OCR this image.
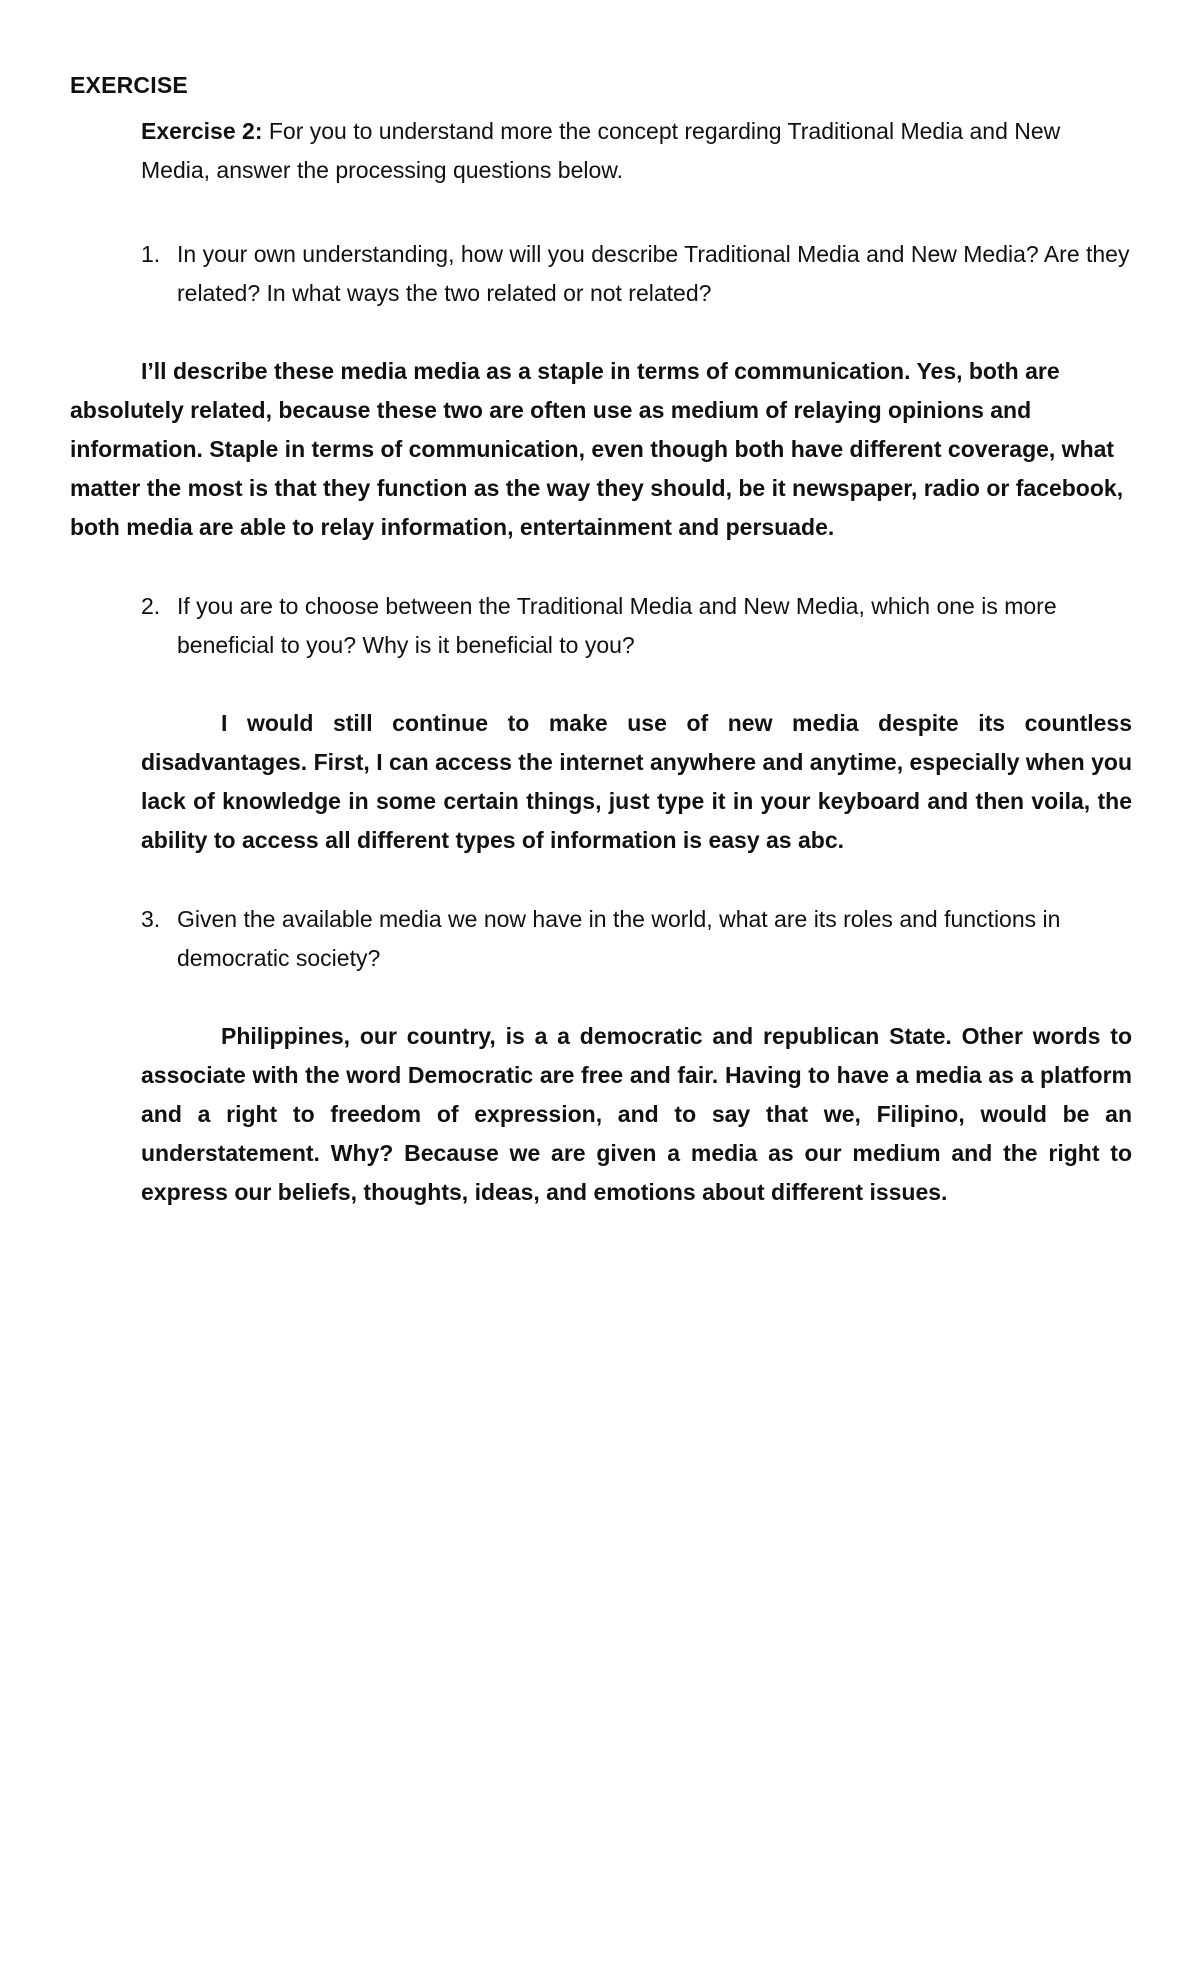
EXERCISE
Exercise 2: For you to understand more the concept regarding Traditional Media and New Media, answer the processing questions below.
1. In your own understanding, how will you describe Traditional Media and New Media? Are they related? In what ways the two related or not related?
I’ll describe these media media as a staple in terms of communication. Yes, both are absolutely related, because these two are often use as medium of relaying opinions and information. Staple in terms of communication, even though both have different coverage, what matter the most is that they function as the way they should, be it newspaper, radio or facebook, both media are able to relay information, entertainment and persuade.
2. If you are to choose between the Traditional Media and New Media, which one is more beneficial to you? Why is it beneficial to you?
I would still continue to make use of new media despite its countless disadvantages. First, I can access the internet anywhere and anytime, especially when you lack of knowledge in some certain things, just type it in your keyboard and then voila, the ability to access all different types of information is easy as abc.
3. Given the available media we now have in the world, what are its roles and functions in democratic society?
Philippines, our country, is a a democratic and republican State. Other words to associate with the word Democratic are free and fair. Having to have a media as a platform and a right to freedom of expression, and to say that we, Filipino, would be an understatement. Why? Because we are given a media as our medium and the right to express our beliefs, thoughts, ideas, and emotions about different issues.
